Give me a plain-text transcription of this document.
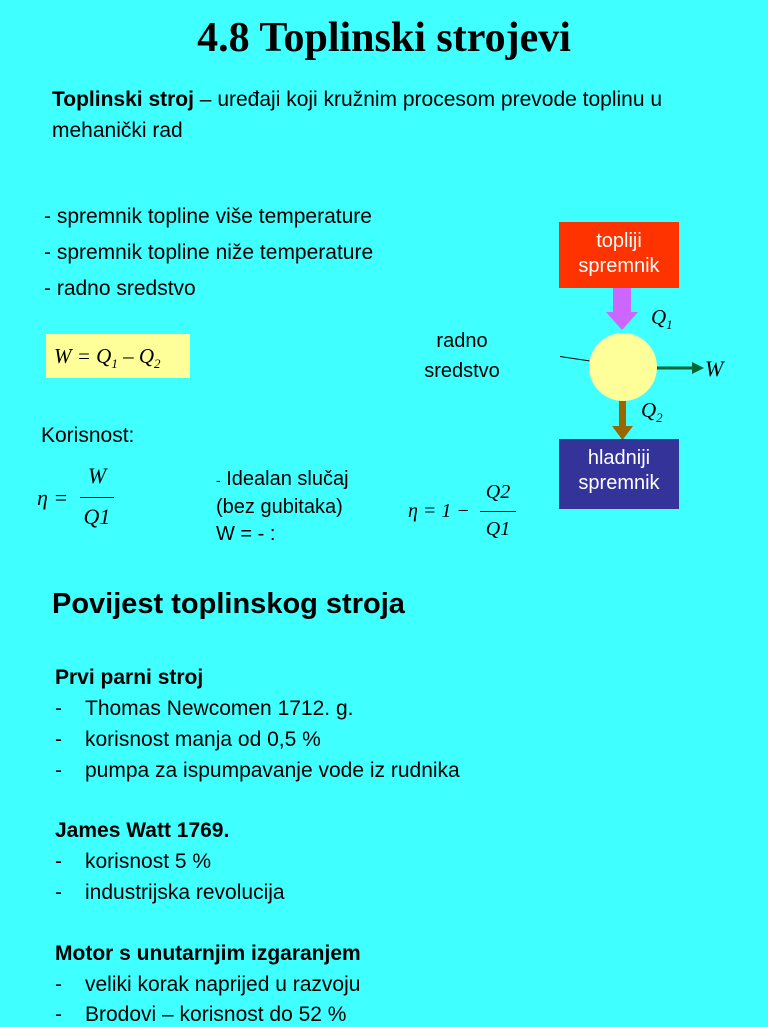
4.8 Toplinski strojevi
Toplinski stroj – uređaji koji kružnim procesom prevode toplinu u mehanički rad
- spremnik topline više temperature
- spremnik topline niže temperature
- radno sredstvo
$W = Q_1 - Q_2$
Korisnost:
η =
W
Q1
- Idealan slučaj
(bez gubitaka)
W = - :
η = 1 −
Q2
Q1
topliji
spremnik
$Q_1$
$Q_2$
W
radno
sredstvo
hladniji
spremnik
Povijest toplinskog stroja
Prvi parni stroj
- Thomas Newcomen 1712. g.
- korisnost manja od 0,5 %
- pumpa za ispumpavanje vode iz rudnika
James Watt 1769.
- korisnost 5 %
- industrijska revolucija
Motor s unutarnjim izgaranjem
- veliki korak naprijed u razvoju
- Brodovi – korisnost do 52 %
